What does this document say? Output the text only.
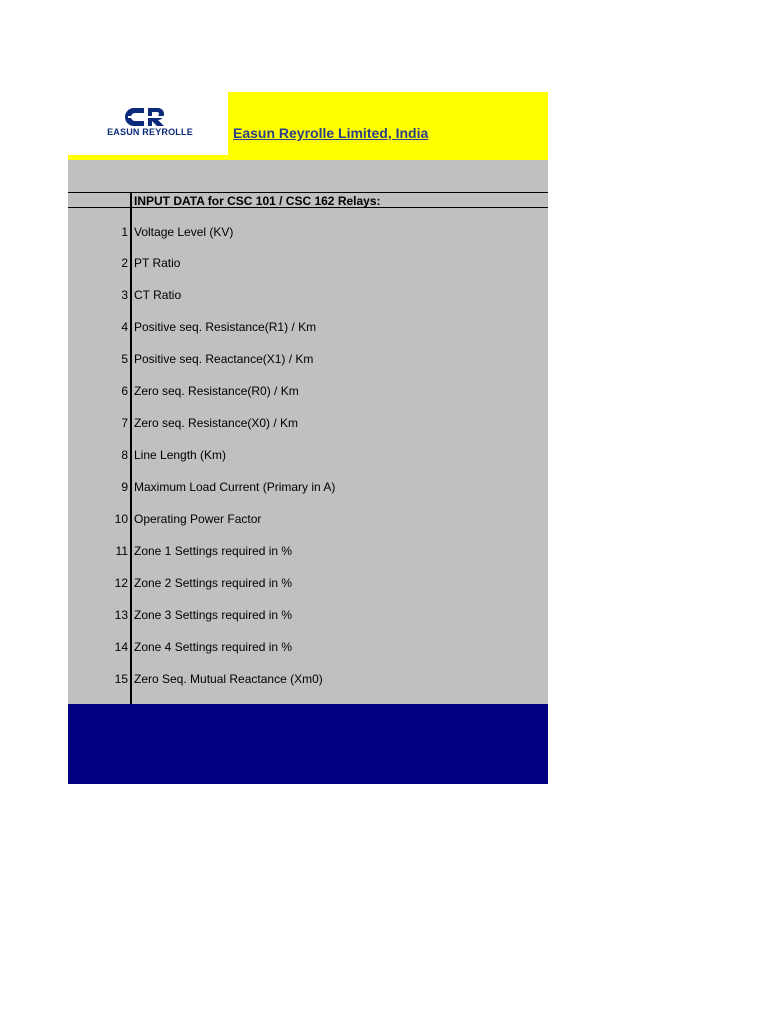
EASUN REYROLLE	Easun Reyrolle Limited, India
INPUT DATA for CSC 101 / CSC 162 Relays:
1 Voltage Level (KV)
2 PT Ratio
3 CT Ratio
4 Positive seq. Resistance(R1) / Km
5 Positive seq. Reactance(X1) / Km
6 Zero seq. Resistance(R0) / Km
7 Zero seq. Resistance(X0) / Km
8 Line Length (Km)
9 Maximum Load Current (Primary in A)
10 Operating Power Factor
11 Zone 1 Settings required in %
12 Zone 2 Settings required in %
13 Zone 3 Settings required in %
14 Zone 4 Settings required in %
15 Zero Seq. Mutual Reactance (Xm0)
